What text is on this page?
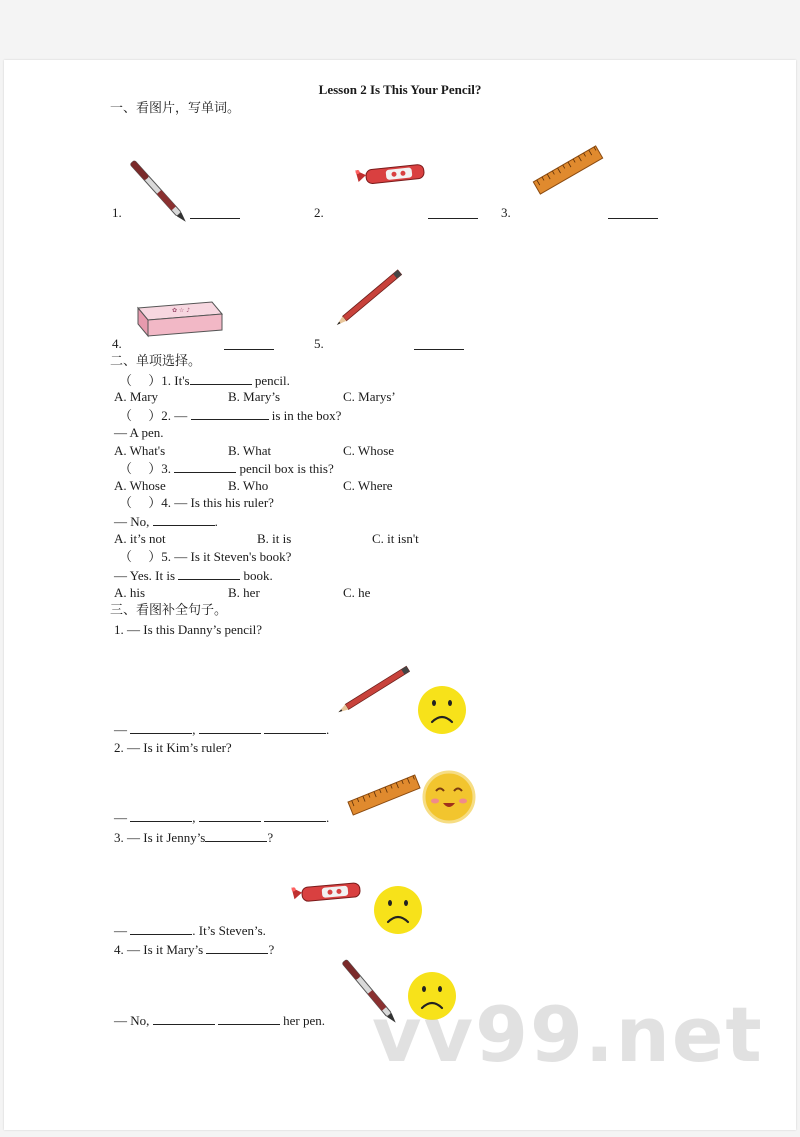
Lesson 2 Is This Your Pencil?
一、看图片，写单词。
1.	2.	3.
✿ ☆ ♪
4.	5.
二、单项选择。
（     ）1. It's	pencil.
A. Mary	B. Mary’s	C. Marys’
（     ）2. —	is in the box?
— A pen.
A. What's	B. What	C. Whose
（     ）3.	pencil box is this?
A. Whose	B. Who	C. Where
（     ）4. — Is this his ruler?
— No,	.
A. it’s not	B. it is	C. it isn't
（     ）5. — Is it Steven's book?
— Yes. It is	book.
A. his	B. her	C. he
三、看图补全句子。
1. — Is this Danny’s pencil?
—	,	.
2. — Is it Kim’s ruler?
—	,	.
3. — Is it Jenny’s	?
—	. It’s Steven’s.
4. — Is it Mary’s	?
— No,	her pen. vv99.net
